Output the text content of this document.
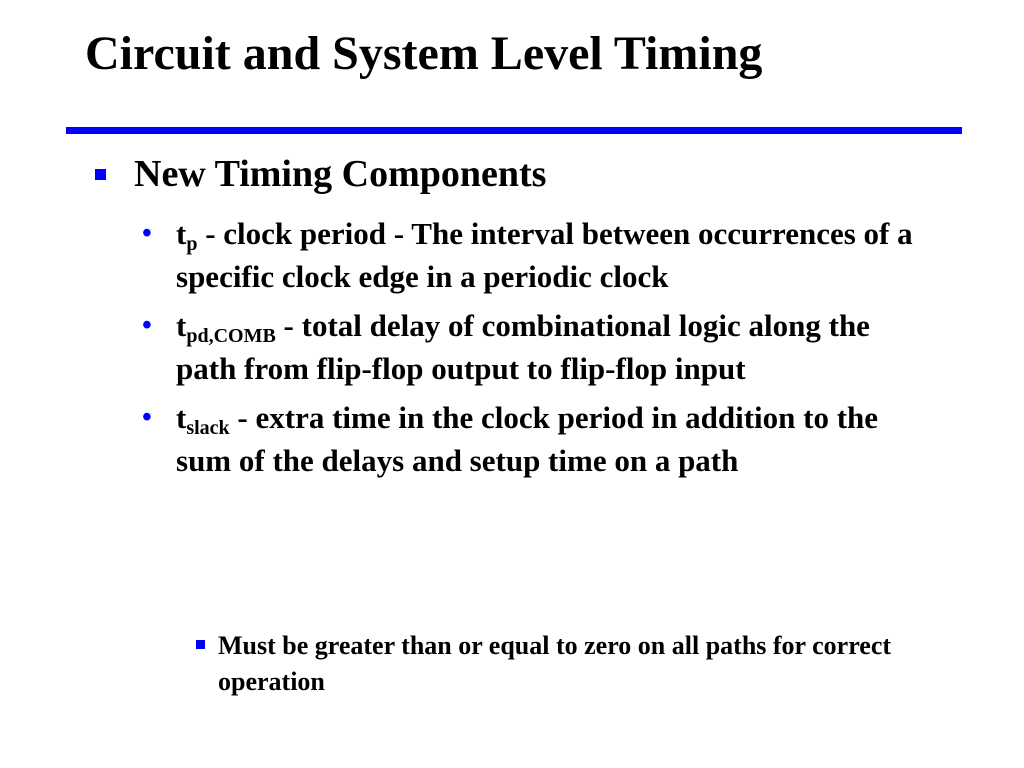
Circuit and System Level Timing
New Timing Components
• $t_p$ - clock period - The interval between occurrences of a specific clock edge in a periodic clock
• $t_{pd,COMB}$ - total delay of combinational logic along the path from flip-flop output to flip-flop input
• $t_{slack}$ - extra time in the clock period in addition to the sum of the delays and setup time on a path
Must be greater than or equal to zero on all paths for correct operation
